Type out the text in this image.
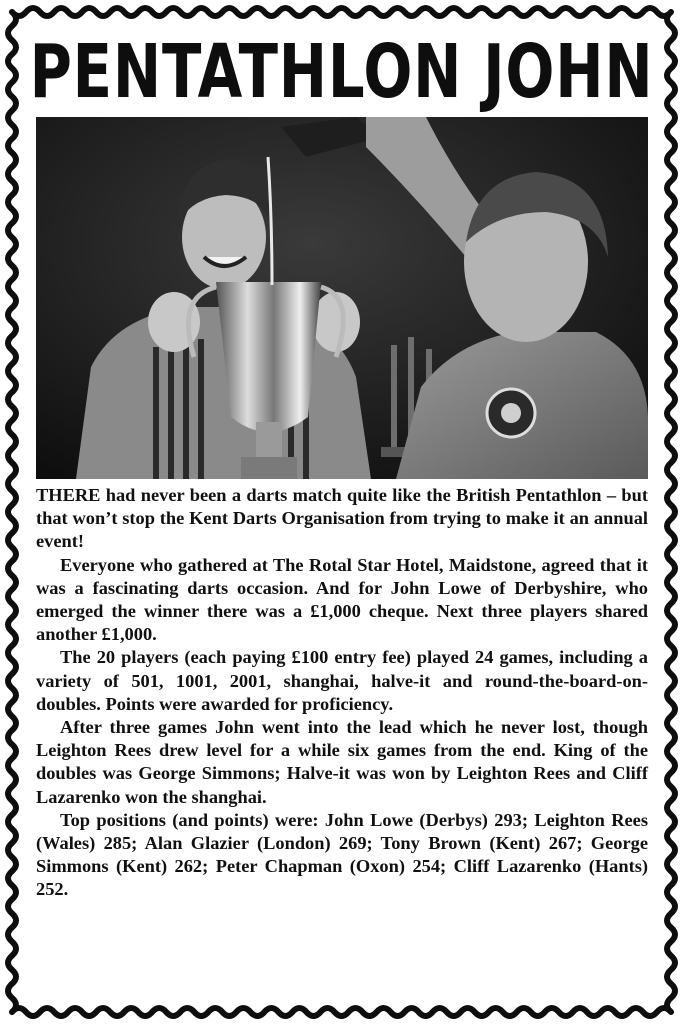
PENTATHLON JOHN

THERE had never been a darts match quite like the British Pentathlon – but that won’t stop the Kent Darts Organisation from trying to make it an annual event!

Everyone who gathered at The Rotal Star Hotel, Maidstone, agreed that it was a fascinating darts occasion. And for John Lowe of Derbyshire, who emerged the winner there was a £1,000 cheque. Next three players shared another £1,000.

The 20 players (each paying £100 entry fee) played 24 games, including a variety of 501, 1001, 2001, shanghai, halve-it and round-the-board-on-doubles. Points were awarded for proficiency.

After three games John went into the lead which he never lost, though Leighton Rees drew level for a while six games from the end. King of the doubles was George Simmons; Halve-it was won by Leighton Rees and Cliff Lazarenko won the shanghai.

Top positions (and points) were: John Lowe (Derbys) 293; Leighton Rees (Wales) 285; Alan Glazier (London) 269; Tony Brown (Kent) 267; George Simmons (Kent) 262; Peter Chapman (Oxon) 254; Cliff Lazarenko (Hants) 252.
